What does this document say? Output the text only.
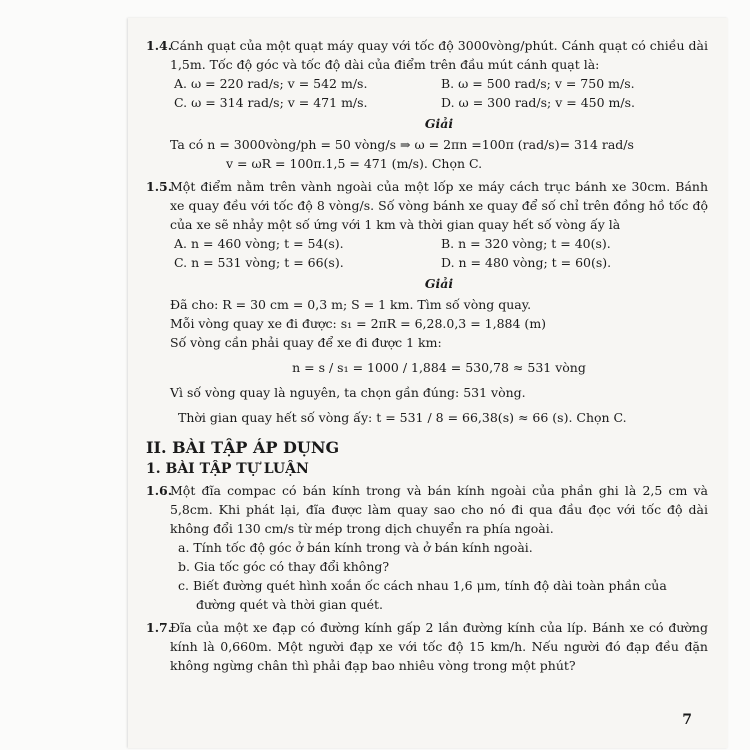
1.4.

Cánh quạt của một quạt máy quay với tốc độ 3000vòng/phút. Cánh quạt có chiều dài 1,5m. Tốc độ góc và tốc độ dài của điểm trên đầu mút cánh quạt là:

A. ω = 220 rad/s; v = 542 m/s.	B. ω = 500 rad/s; v = 750 m/s.
C. ω = 314 rad/s; v = 471 m/s.	D. ω = 300 rad/s; v = 450 m/s.
Giải

Ta có n = 3000vòng/ph = 50 vòng/s ⇒ ω = 2πn =100π (rad/s)= 314 rad/s

v = ωR = 100π.1,5 = 471 (m/s). Chọn C.

1.5.

Một điểm nằm trên vành ngoài của một lốp xe máy cách trục bánh xe 30cm. Bánh xe quay đều với tốc độ 8 vòng/s. Số vòng bánh xe quay để số chỉ trên đồng hồ tốc độ của xe sẽ nhảy một số ứng với 1 km và thời gian quay hết số vòng ấy là

A. n = 460 vòng; t = 54(s).	B. n = 320 vòng; t = 40(s).
C. n = 531 vòng; t = 66(s).	D. n = 480 vòng; t = 60(s).
Giải

Đã cho: R = 30 cm = 0,3 m; S = 1 km. Tìm số vòng quay.

Mỗi vòng quay xe đi được: s₁ = 2πR = 6,28.0,3 = 1,884 (m)

Số vòng cần phải quay để xe đi được 1 km:

n = s / s₁ = 1000 / 1,884 = 530,78 ≈ 531 vòng

Vì số vòng quay là nguyên, ta chọn gần đúng: 531 vòng.

Thời gian quay hết số vòng ấy: t = 531 / 8 = 66,38(s) ≈ 66 (s). Chọn C.

II. BÀI TẬP ÁP DỤNG
1. BÀI TẬP TỰ LUẬN
1.6.

Một đĩa compac có bán kính trong và bán kính ngoài của phần ghi là 2,5 cm và 5,8cm. Khi phát lại, đĩa được làm quay sao cho nó đi qua đầu đọc với tốc độ dài không đổi 130 cm/s từ mép trong dịch chuyển ra phía ngoài.

a. Tính tốc độ góc ở bán kính trong và ở bán kính ngoài.

b. Gia tốc góc có thay đổi không?

c. Biết đường quét hình xoắn ốc cách nhau 1,6 μm, tính độ dài toàn phần của đường quét và thời gian quét.

1.7.

Đĩa của một xe đạp có đường kính gấp 2 lần đường kính của líp. Bánh xe có đường kính là 0,660m. Một người đạp xe với tốc độ 15 km/h. Nếu người đó đạp đều đặn không ngừng chân thì phải đạp bao nhiêu vòng trong một phút?

7
